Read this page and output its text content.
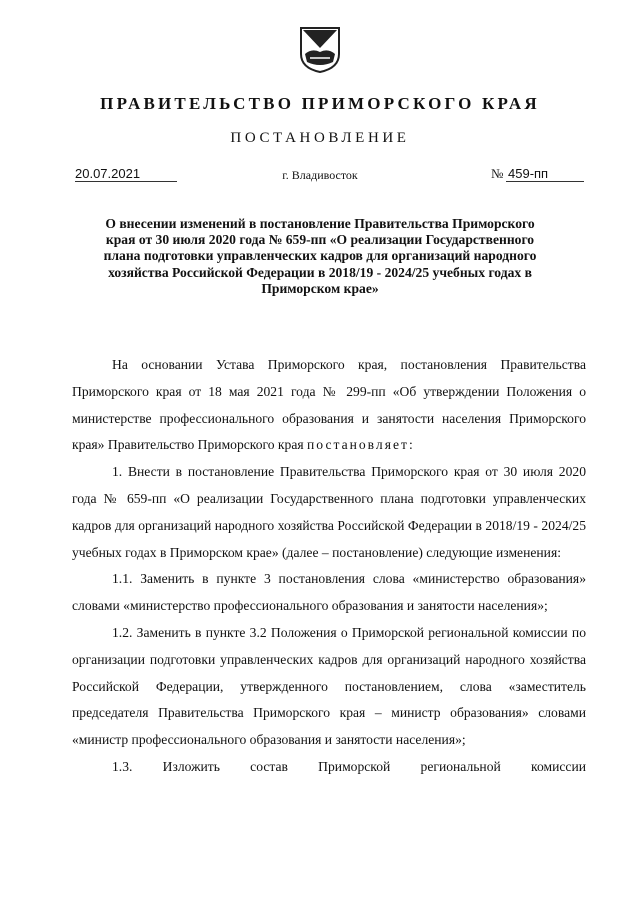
ПРАВИТЕЛЬСТВО ПРИМОРСКОГО КРАЯ
ПОСТАНОВЛЕНИЕ
20.07.2021	г. Владивосток	№ 459-пп
О внесении изменений в постановление Правительства Приморского края от 30 июля 2020 года № 659-пп «О реализации Государственного плана подготовки управленческих кадров для организаций народного хозяйства Российской Федерации в 2018/19 - 2024/25 учебных годах в Приморском крае»

На основании Устава Приморского края, постановления Правительства Приморского края от 18 мая 2021 года № 299-пп «Об утверждении Положения о министерстве профессионального образования и занятости населения Приморского края» Правительство Приморского края постановляет:

1. Внести в постановление Правительства Приморского края от 30 июля 2020 года № 659-пп «О реализации Государственного плана подготовки управленческих кадров для организаций народного хозяйства Российской Федерации в 2018/19 - 2024/25 учебных годах в Приморском крае» (далее – постановление) следующие изменения:

1.1. Заменить в пункте 3 постановления слова «министерство образования» словами «министерство профессионального образования и занятости населения»;

1.2. Заменить в пункте 3.2 Положения о Приморской региональной комиссии по организации подготовки управленческих кадров для организаций народного хозяйства Российской Федерации, утвержденного постановлением, слова «заместитель председателя Правительства Приморского края – министр образования» словами «министр профессионального образования и занятости населения»;

1.3. Изложить состав Приморской региональной комиссии
